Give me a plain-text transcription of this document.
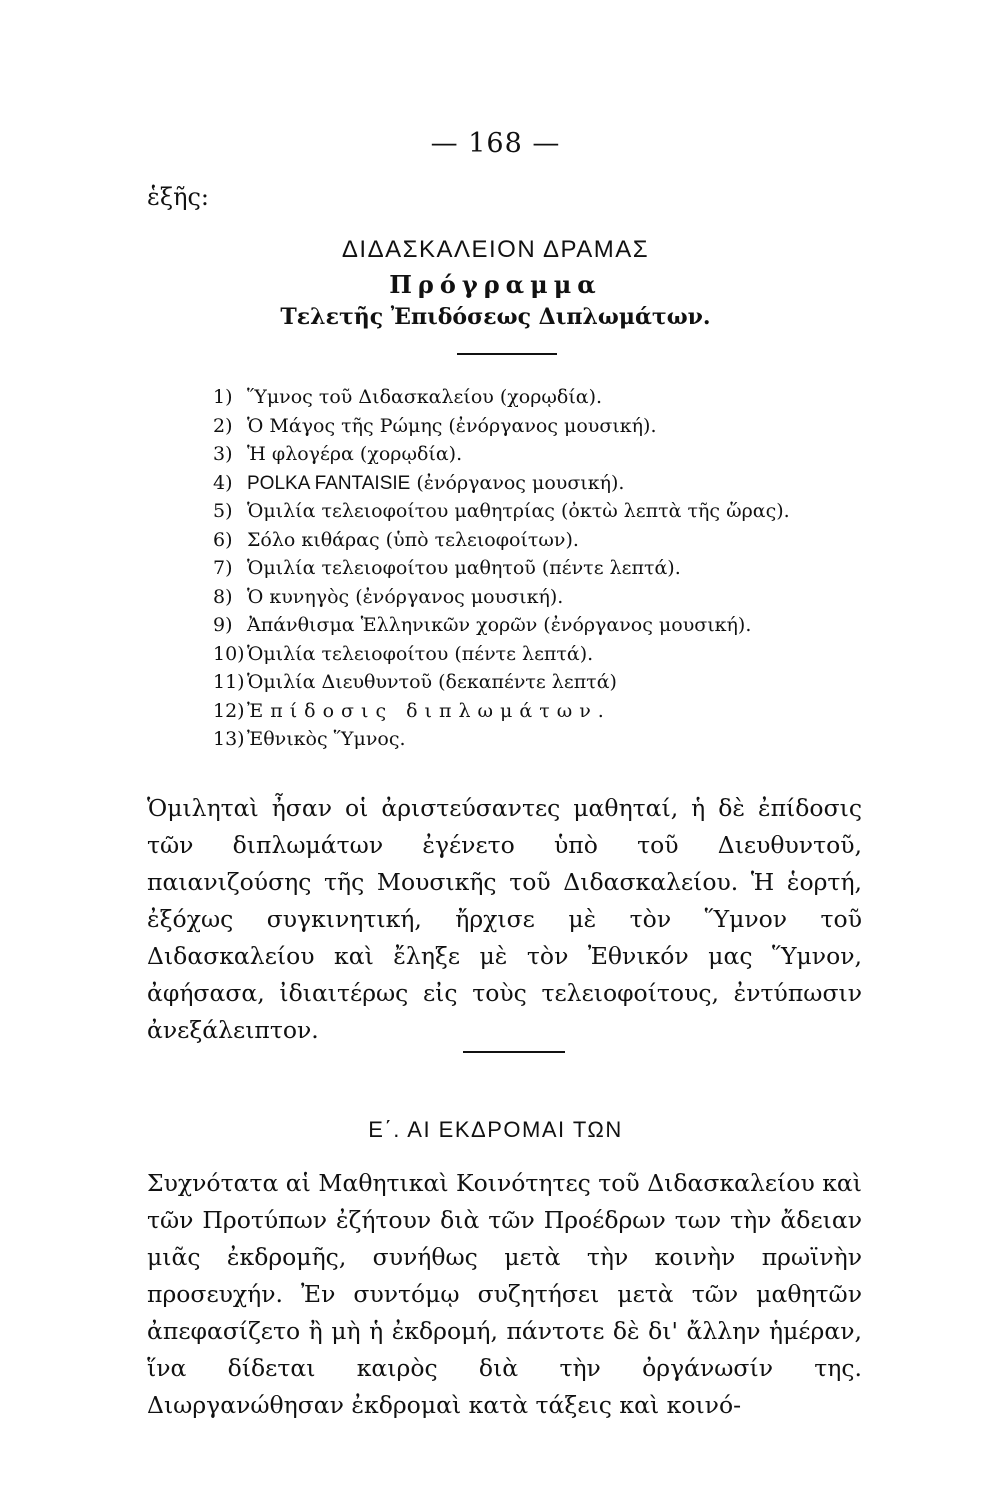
— 168 —
ἑξῆς:
ΔΙΔΑΣΚΑΛΕΙΟΝ ΔΡΑΜΑΣ
Πρόγραμμα
Τελετῆς Ἐπιδόσεως Διπλωμάτων.
1) Ὕμνος τοῦ Διδασκαλείου (χορῳδία).
2) Ὁ Μάγος τῆς Ρώμης (ἐνόργανος μουσική).
3) Ἡ φλογέρα (χορῳδία).
4) POLKA FANTAISIE (ἐνόργανος μουσική).
5) Ὁμιλία τελειοφοίτου μαθητρίας (ὀκτὼ λεπτὰ τῆς ὥρας).
6) Σόλο κιθάρας (ὑπὸ τελειοφοίτων).
7) Ὁμιλία τελειοφοίτου μαθητοῦ (πέντε λεπτά).
8) Ὁ κυνηγὸς (ἐνόργανος μουσική).
9) Ἀπάνθισμα Ἑλληνικῶν χορῶν (ἐνόργανος μουσική).
10) Ὁμιλία τελειοφοίτου (πέντε λεπτά).
11) Ὁμιλία Διευθυντοῦ (δεκαπέντε λεπτά)
12) Ἐπίδοσις διπλωμάτων.
13) Ἐθνικὸς Ὕμνος.

Ὁμιληταὶ ἦσαν οἱ ἀριστεύσαντες μαθηταί, ἡ δὲ ἐπίδοσις τῶν διπλωμάτων ἐγένετο ὑπὸ τοῦ Διευθυντοῦ, παιανιζούσης τῆς Μουσικῆς τοῦ Διδασκαλείου. Ἡ ἑορτή, ἐξόχως συγκινητική, ἤρχισε μὲ τὸν Ὕμνον τοῦ Διδασκαλείου καὶ ἔληξε μὲ τὸν Ἐθνικόν μας Ὕμνον, ἀφήσασα, ἰδιαιτέρως εἰς τοὺς τελειοφοίτους, ἐντύπωσιν ἀνεξάλειπτον.

Ε΄. ΑΙ ΕΚΔΡΟΜΑΙ ΤΩΝ

Συχνότατα αἱ Μαθητικαὶ Κοινότητες τοῦ Διδασκαλείου καὶ τῶν Προτύπων ἐζήτουν διὰ τῶν Προέδρων των τὴν ἄδειαν μιᾶς ἐκδρομῆς, συνήθως μετὰ τὴν κοινὴν πρωϊνὴν προσευχήν. Ἐν συντόμῳ συζητήσει μετὰ τῶν μαθητῶν ἀπεφασίζετο ἢ μὴ ἡ ἐκδρομή, πάντοτε δὲ δι' ἄλλην ἡμέραν, ἵνα δίδεται καιρὸς διὰ τὴν ὀργάνωσίν της. Διωργανώθησαν ἐκδρομαὶ κατὰ τάξεις καὶ κοινό-
